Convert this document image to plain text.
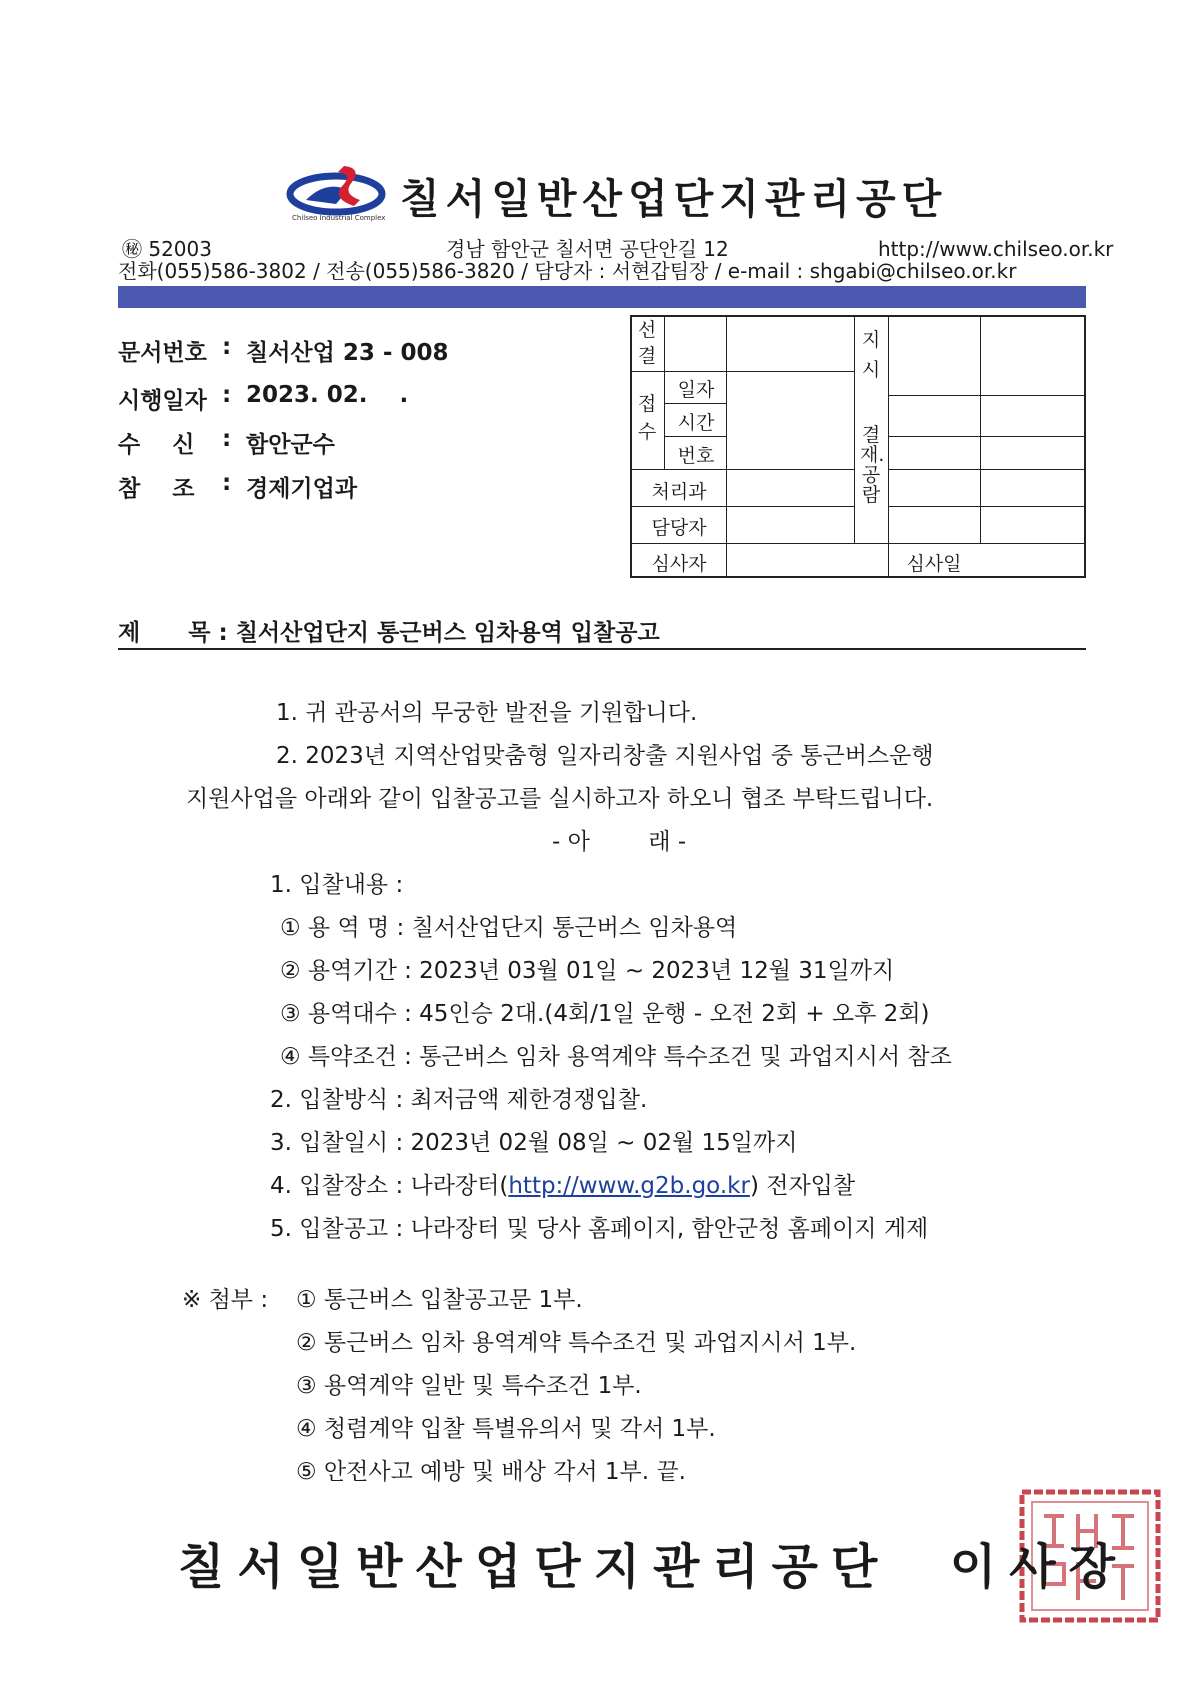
Chilseo Industrial Complex 칠서일반산업단지관리공단
㊙ 52003	경남 함안군 칠서면 공단안길 12	http://www.chilseo.or.kr
전화(055)586-3802 / 전송(055)586-3820 / 담당자 : 서현갑팀장 / e-mail : shgabi@chilseo.or.kr
문서번호 : 칠서산업 23 - 008
시행일자 : 2023. 02.    .
수    신 : 함안군수
참    조 : 경제기업과
선
결
접
수
일자
시간
번호
처리과
담당자
심사자
지
시
결재.공람
심사일
제      목 : 칠서산업단지 통근버스 임차용역 입찰공고
1. 귀 관공서의 무궁한 발전을 기원합니다.
2. 2023년 지역산업맞춤형 일자리창출 지원사업 중 통근버스운행
지원사업을 아래와 같이 입찰공고를 실시하고자 하오니 협조 부탁드립니다.
- 아        래 -
1. 입찰내용 :
① 용 역 명 : 칠서산업단지 통근버스 임차용역
② 용역기간 : 2023년 03월 01일 ~ 2023년 12월 31일까지
③ 용역대수 : 45인승 2대.(4회/1일 운행 - 오전 2회 + 오후 2회)
④ 특약조건 : 통근버스 임차 용역계약 특수조건 및 과업지시서 참조
2. 입찰방식 : 최저금액 제한경쟁입찰.
3. 입찰일시 : 2023년 02월 08일 ~ 02월 15일까지
4. 입찰장소 : 나라장터(http://www.g2b.go.kr) 전자입찰
5. 입찰공고 : 나라장터 및 당사 홈페이지, 함안군청 홈페이지 게제
※ 첨부 : ① 통근버스 입찰공고문 1부.
② 통근버스 임차 용역계약 특수조건 및 과업지시서 1부.
③ 용역계약 일반 및 특수조건 1부.
④ 청렴계약 입찰 특별유의서 및 각서 1부.
⑤ 안전사고 예방 및 배상 각서 1부. 끝.
칠서일반산업단지관리공단  이사장
